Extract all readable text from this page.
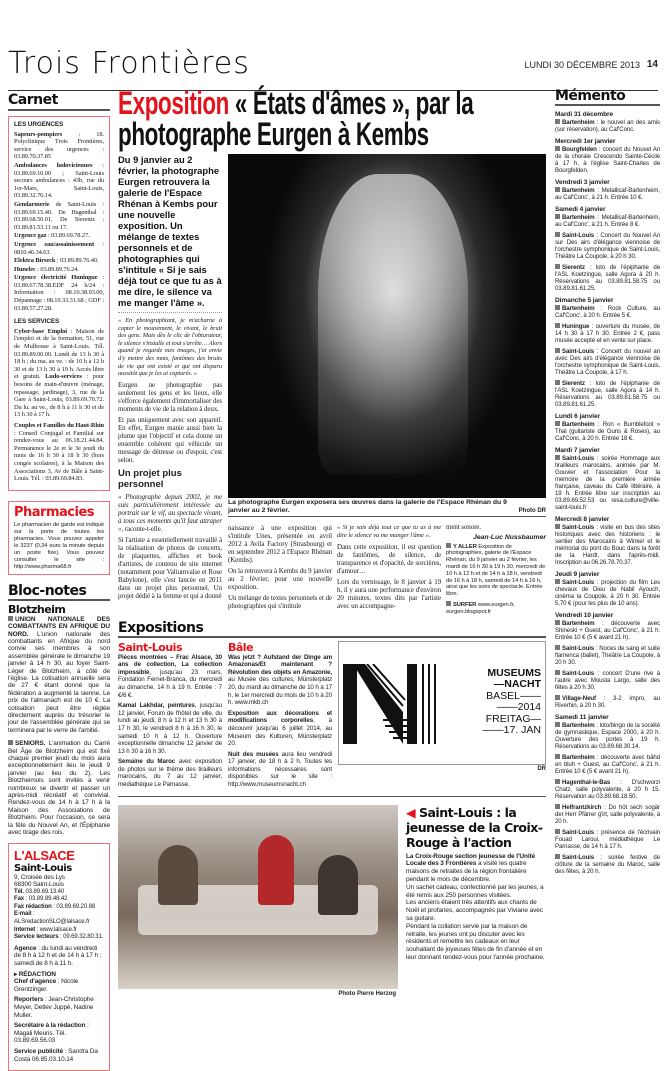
Trois Frontières	LUNDI 30 DÉCEMBRE 2013 14
Carnet
LES URGENCES

Sapeurs-pompiers : 18. Polyclinique Trois Frontières, service des urgences : 03.89.70.37.85

Ambulances ludoviciennes : 03.89.69.10.00 ; Saint-Louis secours ambulances : 43b, rue du 1er-Mars, Saint-Louis, 03.89.32.76.14.

Gendarmerie de Saint-Louis : 03.89.69.15.40. De Hagenthal : 03.89.68.50.01. De Sierentz : 03.89.81.53.11 ou 17.

Urgence gaz : 03.89.69.78.27.

Urgence eau/assainissement : 0810.46.34.63.

Elektra Birseck : 03.89.89.76.40.

Hunelec : 03.89.89.76.24.

Urgence électricité Huningue : 03.89.67.78.38.EDF 24 h/24 : Information : 08.10.38.93.00, Dépannage : 08.10.33.31.68 ; GDF : 03.89.57.27.28.

LES SERVICES

Cyber-base Emploi : Maison de l'emploi et de la formation, 51, rue de Mulhouse à Saint-Louis. Tél. 03.89.89.00.00. Lundi de 13 h 30 à 18 h ; du ma. au ve. : de 10 h à 12 h 30 et de 13 h 30 à 19 h. Accès libre et gratuit. Ludo-services : pour besoins de main-d'œuvre (ménage, repassage, jardinage), 3, rue de la Gare à Saint-Louis, 03.89.69.70.72. Du lu. au ve., de 8 h à 11 h 30 et de 13 h 30 à 17 h.

Couples et Familles du Haut-Rhin : Conseil Conjugal et Familial sur rendez-vous au 06.18.21.44.84. Permanence le 2e et le 3e jeudi du mois de 16 h 30 à 18 h 30 (hors congés scolaires), à la Maison des Associations 3, Av de Bâle à Saint-Louis. Tél. : 03.89.69.84.83.

Pharmacies
Le pharmacien de garde est indiqué sur la porte de toutes les pharmacies. Vous pouvez appeler le 3237 (0,34 euro la minute depuis un poste fixe). Vous pouvez consulter le site : http://www.pharma68.fr
Bloc-notes
Blotzheim

UNION NATIONALE DES COMBATTANTS EN AFRIQUE DU NORD. L'union nationale des combattants en Afrique du nord convie ses membres à son assemblée générale le dimanche 19 janvier à 14 h 30, au foyer Saint-Léger de Blotzheim, à côté de l'église. La cotisation annuelle sera de 27 € étant donné que la fédération a augmenté la sienne. Le prix de l'almanach est de 10 €. La cotisation peut être réglée directement auprès du trésorier le jour de l'assemblée générale qui se terminera par le verre de l'amitié.

SENIORS. L'animation du Carré Bel Âge de Blotzheim qui est fixé chaque premier jeudi du mois aura exceptionnellement lieu le jeudi 9 janvier (au lieu du 2). Les Blotzheimois sont invités à venir nombreux se divertir et passer un après-midi récréatif et convivial. Rendez-vous de 14 h à 17 h à la Maison des Associations de Blotzheim. Pour l'occasion, ce sera la fête du Nouvel An, et l'Épiphanie avec tirage des rois.

L'ALSACE
Saint-Louis
9, Croisée des Lys
68300 Saint-Louis

Tél. 03.89.69.13.40

Fax : 03.89.89.48.42

Fax rédaction : 03.89.69.20.88

E-mail : ALSredactionSLO@lalsace.fr

Internet : www.lalsace.fr

Service lecteurs : 09.69.32.80.31.

Agence : du lundi au vendredi de 8 h à 12 h et de 14 h à 17 h ; samedi de 8 h à 11 h.
▸ RÉDACTION

Chef d'agence : Nicole Grentzinger.

Reporters : Jean-Christophe Meyer, Detlev Juppé, Nadine Muller.

Secrétaire à la rédaction : Magali Meuris. Tél. 03.89.69.56.03

Service publicité : Sandra Da Costa 06.85.03.10.14

Exposition « États d'âmes », par la photographe Eurgen à Kembs
Du 9 janvier au 2 février, la photographe Eurgen retrouvera la galerie de l'Espace Rhénan à Kembs pour une nouvelle exposition. Un mélange de textes personnels et de photographies qui s'intitule « Si je sais déjà tout ce que tu as à me dire, le silence va me manger l'âme ».
« En photographiant, je m'acharne à capter le mouvement, le vivant, le bruit des gens. Mais dès le clic de l'obturateur, le silence s'installe et tout s'arrête… Alors quand je regarde mes images, j'ai envie d'y mettre des mots, fantômes des bruits de vie qui ont existé et qui ont disparu aussitôt que je les ai capturés. »
Eurgen ne photographie pas seulement les gens et les lieux, elle s'efforce également d'immortaliser des moments de vie de la relation à deux.
Et pas uniquement avec son appareil. En effet, Eurgen manie aussi bien la plume que l'objectif et cela donne un ensemble cohérent qui véhicule un message de détresse ou d'espoir, c'est selon.
Un projet plus personnel
« Photographe depuis 2002, je me suis particulièrement intéressée au portrait sur le vif, au spectacle vivant, à tous ces moments qu'il faut attraper », raconte-t-elle.
Si l'artiste a essentiellement travaillé à la réalisation de photos de concerts, de plaquettes, affiches et book d'artistes, de contenu de site internet (notamment pour Valiumvalse et Rose Babylone), elle s'est lancée en 2011 dans un projet plus personnel. Un projet dédié à la femme et qui a donné
La photographe Eurgen exposera ses œuvres dans la galerie de l'Espace Rhénan du 9 janvier au 2 février.	Photo DR

naissance à une exposition qui s'intitule Unes, présentée en avril 2012 à Avila Factory (Strasbourg) et en septembre 2012 à l'Espace Rhénan (Kembs).

On la retrouvera à Kembs du 9 janvier au 2 février, pour une nouvelle exposition.

Un mélange de textes personnels et de photographies qui s'intitule

« Si je sais déjà tout ce que tu as à me dire le silence va me manger l'âme ».

Dans cette exposition, il est question de fantômes, de silence, de transparence et d'opacité, de sorcières, d'amour…

Lors du vernissage, le 8 janvier à 19 h, il y aura une performance d'environ 20 minutes, textes dits par l'artiste avec un accompagne-

ment sonore.
Jean-Luc Nussbaumer
Y ALLER Exposition de photographies, galerie de l'Espace Rhénan, du 9 janvier au 2 février, les mardi de 16 h 30 à 19 h 30, mercredi de 10 h à 12 h et de 14 h à 18 h, vendredi de 16 h à 18 h, samedi de 14 h à 16 h, ainsi que les soirs de spectacle. Entrée libre.
SURFER www.eurgen.fr, eurgen.blogspot.fr
Expositions
Saint-Louis

Pièces montrées – Frac Alsace, 30 ans de collection, La collection impossible, jusqu'au 23 mars, Fondation Fernet-Branca, du mercredi au dimanche, 14 h à 19 h. Entrée : 7 €/6 €.

Kamal Lakhdar, peintures, jusqu'au 12 janvier, Forum de l'hôtel de ville, du lundi au jeudi, 8 h à 12 h et 13 h 30 à 17 h 30, le vendredi 8 h à 16 h 30, le samedi 10 h à 12 h. Ouverture exceptionnelle dimanche 12 janvier de 13 h 30 à 16 h 30.

Semaine du Maroc avec exposition de photos sur le thème des tirailleurs marocains, du 7 au 12 janvier, médiathèque Le Parnasse.

Bâle

Was jetzt ? Aufstand der Dinge am Amazonas/Et maintenant ? Révolution des objets en Amazonie, au Musée des cultures, Münsterplatz 20, du mardi au dimanche de 10 h à 17 h, le 1er mercredi du mois de 10 h à 20 h. www.mkb.ch

Exposition aux décorations et modifications corporelles, à découvrir jusqu'au 6 juillet 2014, au Museum des Kulturen, Münsterplatz 20.

Nuit des musées aura lieu vendredi 17 janvier, de 18 h à 2 h. Toutes les informations nécessaires sont disponibles sur le site : http://www.museumsnacht.ch

MUSEUMS
—NACHT
BASEL——
——2014
FREITAG—
——17. JAN
DR
Photo Pierre Herzog
◀ Saint-Louis : la jeunesse de la Croix-Rouge à l'action
La Croix-Rouge section jeunesse de l'Unité Locale des 3 Frontières a visité les quatre maisons de retraites de la région frontalière pendant le mois de décembre.
Un sachet cadeau, confectionné par les jeunes, a été remis aux 250 personnes visitées.
Les anciens étaient très attentifs aux chants de Noël et profanes, accompagnés par Viviane avec sa guitare.
Pendant la collation servie par la maison de retraite, les jeunes ont pu discuter avec les résidents et remettre les cadeaux en leur souhaitant de joyeuses fêtes de fin d'année et en leur donnant rendez-vous pour l'année prochaine.
Mémento
Mardi 31 décembre

Bartenheim : le nouvel an des amis (sur réservation), au Caf'Conc.

Mercredi 1er janvier

Bourgfelden : concert du Nouvel An de la chorale Crescendo Sainte-Cécile à 17 h, à l'église Saint-Charles de Bourgfelden.

Vendredi 3 janvier

Bartenheim : Metallicaf-Bartenheim, au Caf'Conc', à 21 h. Entrée 10 €.

Samedi 4 janvier

Bartenheim : Metallicaf-Bartenheim, au Caf'Conc', à 21 h. Entrée 8 €.

Saint-Louis : Concert du Nouvel An sur Des airs d'élégance viennoise de l'orchestre symphonique de Saint-Louis, Théâtre La Coupole, à 20 h 30.

Sierentz : loto de l'épiphanie de l'ASL Koetzingue, salle Agora à 20 h. Réservations au 03.89.81.58.75 ou 03.89.81.61.25.

Dimanche 5 janvier

Bartenheim : Rock Culture, au Caf'Conc', à 20 h. Entrée 5 €.

Huningue : ouverture du musée, de 14 h 30 à 17 h 30. Entrée 2 €, pass musée accepté et en vente sur place.

Saint-Louis : Concert du nouvel an avec Des airs d'élégance viennoise de l'orchestre symphonique de Saint-Louis, Théâtre La Coupole, à 17 h.

Sierentz : loto de l'épiphanie de l'ASL Koetzingue, salle Agora à 14 h. Réservations au 03.89.81.58.75 ou 03.89.81.61.25.

Lundi 6 janvier

Bartenheim : Ron « Bumblefoot » Thal (guitariste de Guns & Roses), au Caf'Conc, à 20 h. Entrée 18 €.

Mardi 7 janvier

Saint-Louis : soirée Hommage aux tirailleurs marocains, animée par M. Gouvier et l'association Pour la mémoire de la première armée française, caveau du Café littéraire, à 19 h. Entrée libre sur inscription au 03.89.69.52.53 ou resa.culture@ville-saint-louis.fr

Mercredi 8 janvier

Saint-Louis : visite en bus des sites historiques avec des historiens : le sentier des Marocains à Winkel et le mémorial du pont du Bouc dans la forêt de la Hardt, dans l'après-midi. Inscription au 06.26.78.70.37.

Jeudi 9 janvier

Saint-Louis : projection du film Les chevaux de Dieu de Nabil Ayouch, cinéma la Coupole, à 20 h 30. Entrée 5,70 € (pour les plus de 10 ans).

Vendredi 10 janvier

Bartenheim : découverte avec Shineski + Guest, au Caf'Conc', à 21 h. Entrée 10 € (5 € avant 21 h).

Saint-Louis : Noces de sang et suite flamenca (ballet), Théâtre La Coupole, à 20 h 30.

Saint-Louis : concert D'une rive à l'autre avec Mousta Largo, salle des fêtes à 20 h 30.

Village-Neuf : 3-2 impro, au Riverhin, à 20 h 30.

Samedi 11 janvier

Bartenheim : loto/bingo de la société de gymnastique, Espace 2000, à 20 h. Ouverture des portes à 19 h. Réservations au 03.89.68.30.14.

Bartenheim : découverte avec bähd en bluh + Guest, au Caf'Conc', à 21 h. Entrée 10 € (5 € avant 21 h).

Hagenthal-le-Bas : D'schworzi Chatz, salle polyvalente, à 20 h 15. Réservation au 03.89.68.18.50.

Helfrantzkirch : Do höt sech sogär der Herr Pfârrer g'irt, salle polyvalente, à 20 h.

Saint-Louis : présence de l'écrivain Fouad Laroui, médiathèque Le Parnasse, de 14 h à 17 h.

Saint-Louis : soirée festive de clôture de la semaine du Maroc, salle des fêtes, à 20 h.
